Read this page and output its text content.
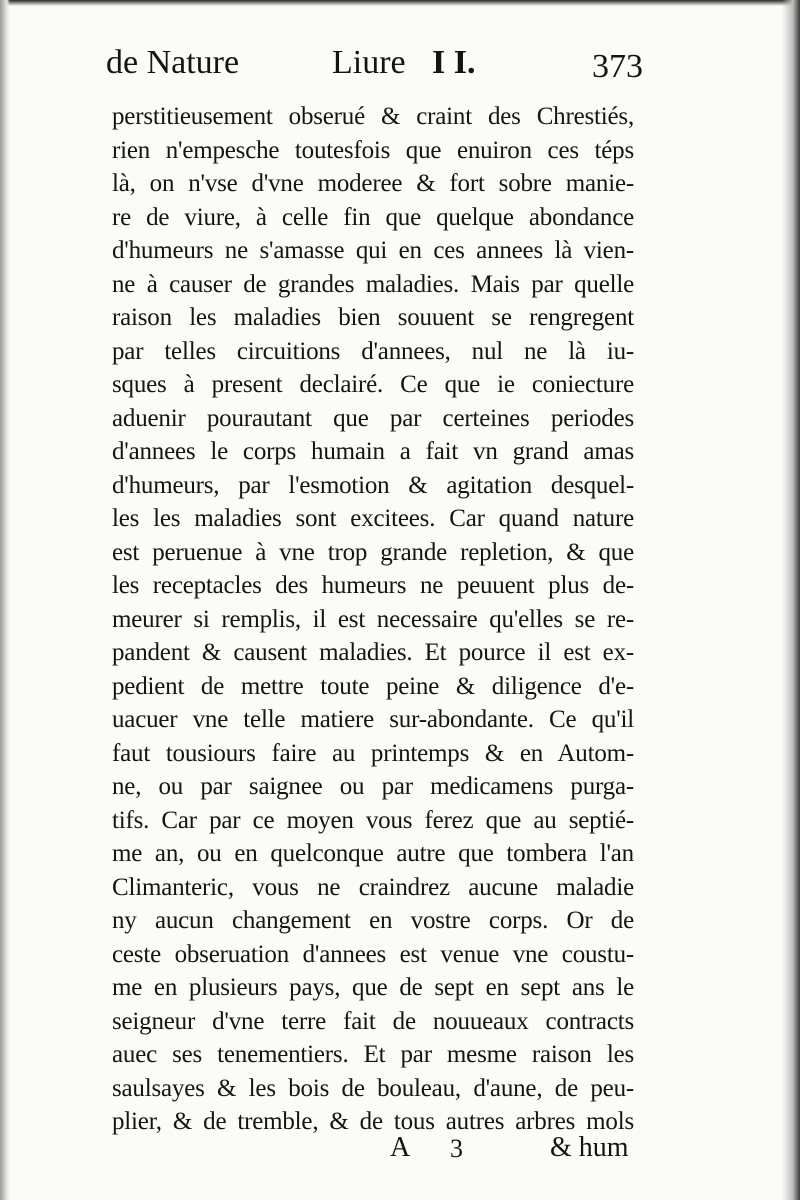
de Nature	Liure I I.	373
perstitieusement obserué & craint des Chrestiés,
rien n'empesche toutesfois que enuiron ces téps
là, on n'vse d'vne moderee & fort sobre manie-
re de viure, à celle fin que quelque abondance
d'humeurs ne s'amasse qui en ces annees là vien-
ne à causer de grandes maladies. Mais par quelle
raison les maladies bien souuent se rengregent
par telles circuitions d'annees, nul ne là iu-
sques à present declairé. Ce que ie coniecture
aduenir pourautant que par certeines periodes
d'annees le corps humain a fait vn grand amas
d'humeurs, par l'esmotion & agitation desquel-
les les maladies sont excitees. Car quand nature
est peruenue à vne trop grande repletion, & que
les receptacles des humeurs ne peuuent plus de-
meurer si remplis, il est necessaire qu'elles se re-
pandent & causent maladies. Et pource il est ex-
pedient de mettre toute peine & diligence d'e-
uacuer vne telle matiere sur-abondante. Ce qu'il
faut tousiours faire au printemps & en Autom-
ne, ou par saignee ou par medicamens purga-
tifs. Car par ce moyen vous ferez que au septié-
me an, ou en quelconque autre que tombera l'an
Climanteric, vous ne craindrez aucune maladie
ny aucun changement en vostre corps. Or de
ceste obseruation d'annees est venue vne coustu-
me en plusieurs pays, que de sept en sept ans le
seigneur d'vne terre fait de nouueaux contracts
auec ses tenementiers. Et par mesme raison les
saulsayes & les bois de bouleau, d'aune, de peu-
plier, & de tremble, & de tous autres arbres mols
A 3	& hum
